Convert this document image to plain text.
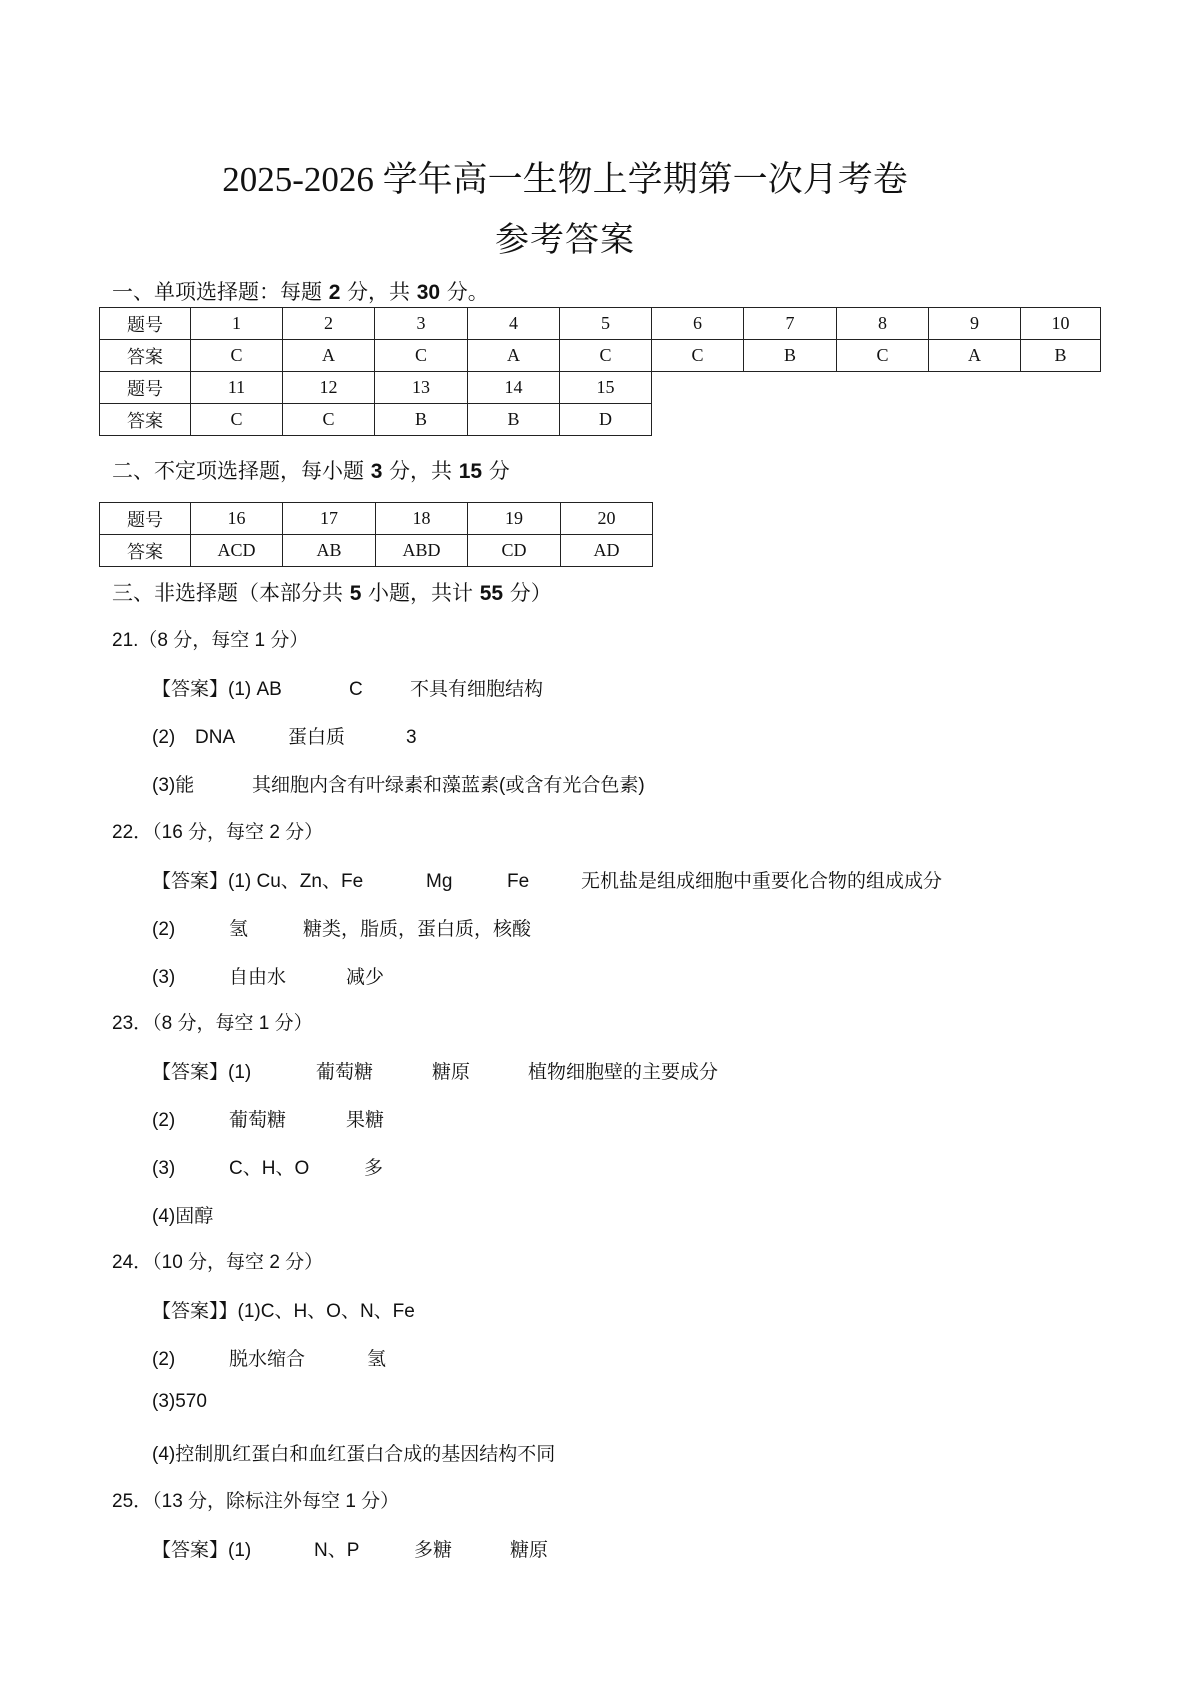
2025-2026 学年高一生物上学期第一次月考卷
参考答案
一、单项选择题：每题 2 分，共 30 分。
题号	1	2	3	4	5	6	7	8	9	10
答案	C	A	C	A	C	C	B	C	A	B
题号	11	12	13	14	15					
答案	C	C	B	B	D					
二、不定项选择题，每小题 3 分，共 15 分
题号	16	17	18	19	20
答案	ACD	AB	ABD	CD	AD
三、非选择题（本部分共 5 小题，共计 55 分）
21.（8 分，每空 1 分）
【答案】(1) AB	C 不具有细胞结构
(2) DNA	蛋白质	3
(3)能	其细胞内含有叶绿素和藻蓝素(或含有光合色素)
22．（16 分，每空 2 分）
【答案】(1) Cu、Zn、Fe	Mg	Fe	无机盐是组成细胞中重要化合物的组成成分
(2)	氢	糖类，脂质，蛋白质，核酸
(3)	自由水	减少
23．（8 分，每空 1 分）
【答案】(1)	葡萄糖	糖原	植物细胞壁的主要成分
(2)	葡萄糖	果糖
(3)	C、H、O	多
(4)固醇
24．（10 分，每空 2 分）
【答案】】(1)C、H、O、N、Fe
(2)	脱水缩合	氢
(3)570
(4)控制肌红蛋白和血红蛋白合成的基因结构不同
25．（13 分，除标注外每空 1 分）
【答案】(1)	N、P	多糖	糖原
